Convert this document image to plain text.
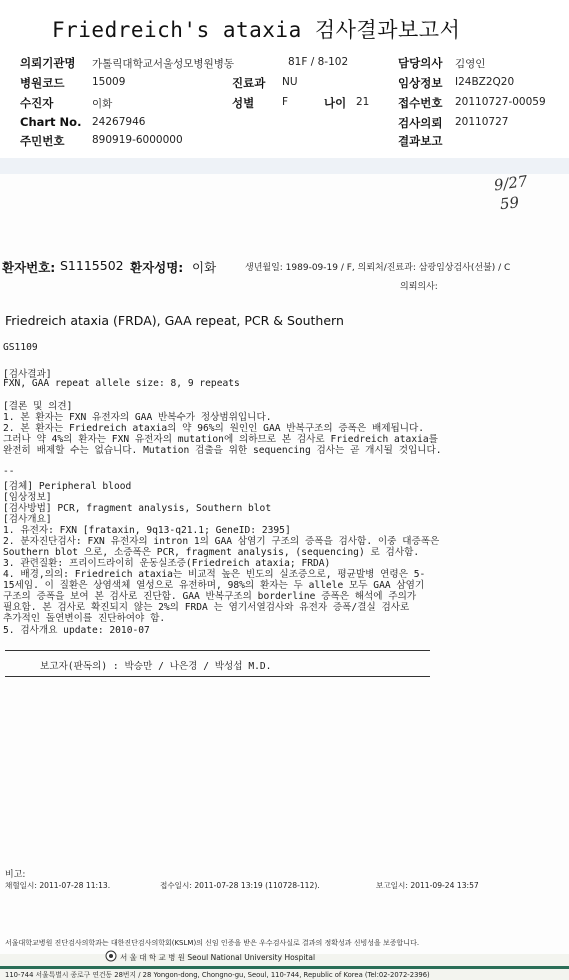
Friedreich's ataxia 검사결과보고서
의뢰기관명 가톨릭대학교서울성모병원병동	81F / 8-102	담당의사 김영인
병원코드	15009	진료과 NU	임상정보 I24BZ2Q20
수진자	이화	성별	F	나이 21 접수번호 20110727-00059
Chart No. 24267946	검사의뢰 20110727
주민번호	890919-6000000	결과보고
9/27
59
환자번호: S1115502 환자성명: 이화	생년월일: 1989-09-19 / F, 의뢰처/진료과: 삼광임상검사(선불) / C
의뢰의사:
Friedreich ataxia (FRDA), GAA repeat, PCR & Southern
GS1109
[검사결과]
FXN, GAA repeat allele size: 8, 9 repeats
[결론 및 의견]
1. 본 환자는 FXN 유전자의 GAA 반복수가 정상범위입니다.
2. 본 환자는 Friedreich ataxia의 약 96%의 원인인 GAA 반복구조의 증폭은 배제됩니다.
그러나 약 4%의 환자는 FXN 유전자의 mutation에 의하므로 본 검사로 Friedreich ataxia를
완전히 배제할 수는 없습니다. Mutation 검출을 위한 sequencing 검사는 곧 개시될 것입니다.
--
[검체] Peripheral blood
[임상정보]
[검사방법] PCR, fragment analysis, Southern blot
[검사개요]
1. 유전자: FXN [frataxin, 9q13-q21.1; GeneID: 2395]
2. 분자진단검사: FXN 유전자의 intron 1의 GAA 삼염기 구조의 증폭을 검사함. 이중 대증폭은
Southern blot 으로, 소증폭은 PCR, fragment analysis, (sequencing) 로 검사함.
3. 관련질환: 프리이드라이히 운동실조증(Friedreich ataxia; FRDA)
4. 배경,의의: Friedreich ataxia는 비교적 높은 빈도의 실조증으로, 평균발병 연령은 5-
15세임. 이 질환은 상염색체 열성으로 유전하며, 98%의 환자는 두 allele 모두 GAA 삼염기
구조의 증폭을 보여 본 검사로 진단함. GAA 반복구조의 borderline 증폭은 해석에 주의가
필요함. 본 검사로 확진되지 않는 2%의 FRDA 는 염기서열검사와 유전자 증폭/결실 검사로
추가적인 돌연변이를 진단하여야 함.
5. 검사개요 update: 2010-07
보고자(판독의) : 박승만 / 나은경 / 박성섭 M.D.
비고:
채혈일시: 2011-07-28 11:13.	접수일시: 2011-07-28 13:19 (110728-112).	보고일시: 2011-09-24 13:57
서울대학교병원 진단검사의학과는 대한진단검사의학회(KSLM)의 신임 인증을 받은 우수검사실로 결과의 정확성과 신빙성을 보증합니다.
서 울 대 학 교 병 원 Seoul National University Hospital
110-744 서울특별시 종로구 연건동 28번지 / 28 Yongon-dong, Chongno-gu, Seoul, 110-744, Republic of Korea (Tel:02-2072-2396)
